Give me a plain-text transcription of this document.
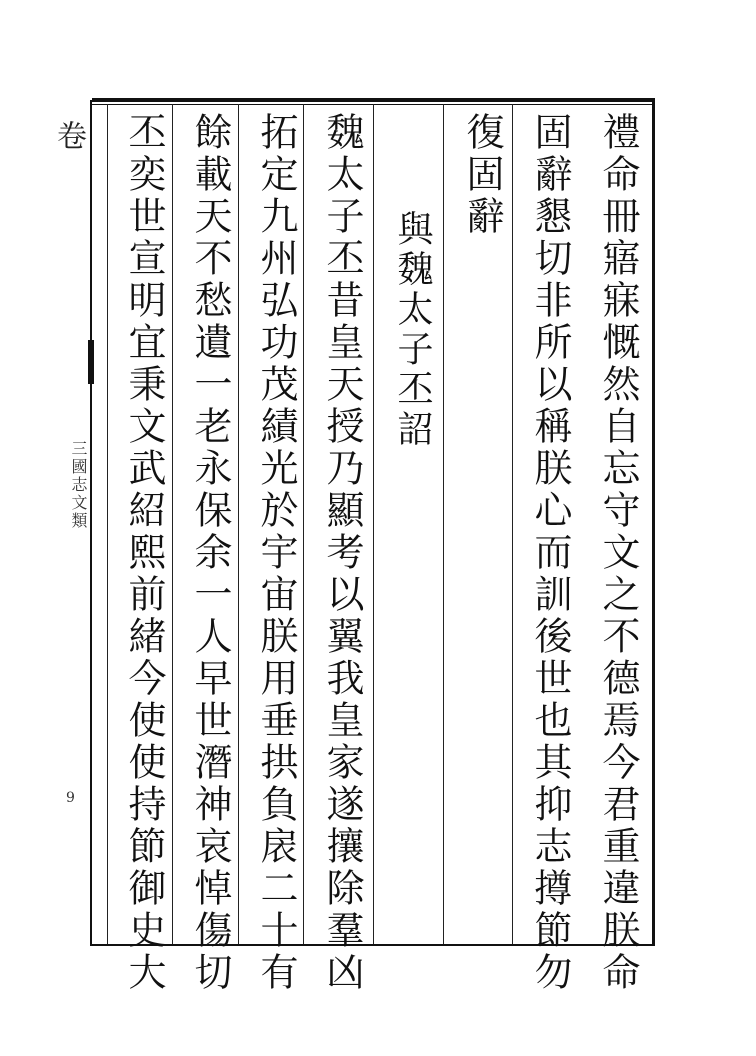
卷
三國志文類
9	禮命冊寤寐慨然自忘守文之不德焉今君重違朕命
固辭懇切非所以稱朕心而訓後世也其抑志撙節勿
復固辭
與魏太子丕詔
魏太子丕昔皇天授乃顯考以翼我皇家遂攘除羣凶
拓定九州弘功茂績光於宇宙朕用垂拱負扆二十有
餘載天不愁遺一老永保余一人早世潛神哀悼傷切
丕奕世宣明宜秉文武紹熙前緒今使使持節御史大
